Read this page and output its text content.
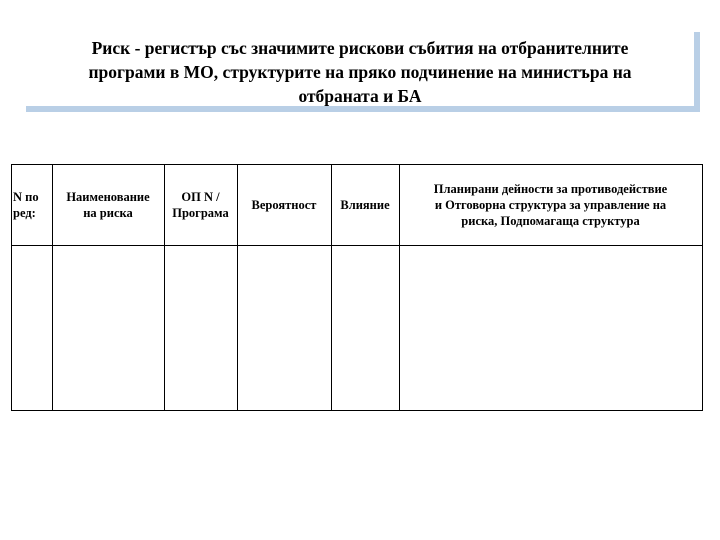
Риск - регистър със значимите рискови събития на отбранителните
програми в МО, структурите на пряко подчинение на министъра на
отбраната и БА
N по
ред:
Наименование
на риска
ОП N /
Програма
Вероятност	Влияние
Планирани дейности за противодействие
и Отговорна структура за управление на
риска, Подпомагаща структура
